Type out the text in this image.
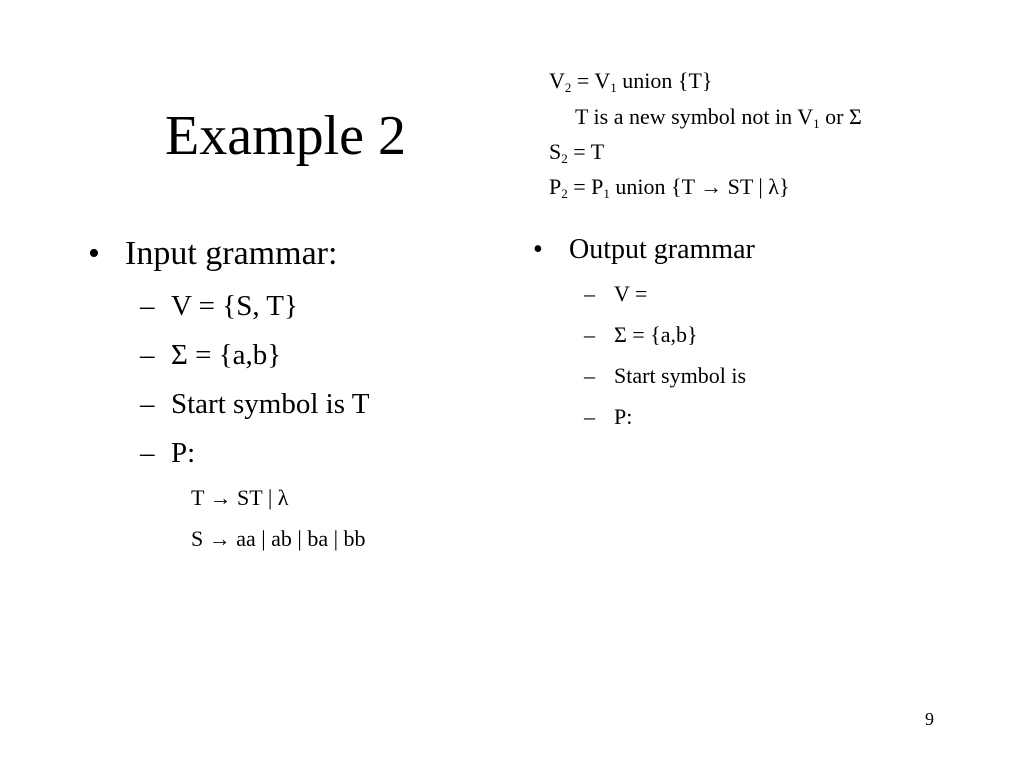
Example 2
$V_2 = V_1$ union {T}
T is a new symbol not in $V_1$ or Σ
$S_2 = T$
$P_2 = P_1$ union {T → ST | λ}
• Input grammar:
– V = {S, T}
– Σ = {a,b}
– Start symbol is T
– P:
T → ST | λ
S → aa | ab | ba | bb
• Output grammar
– V =
– Σ = {a,b}
– Start symbol is
– P:
9
